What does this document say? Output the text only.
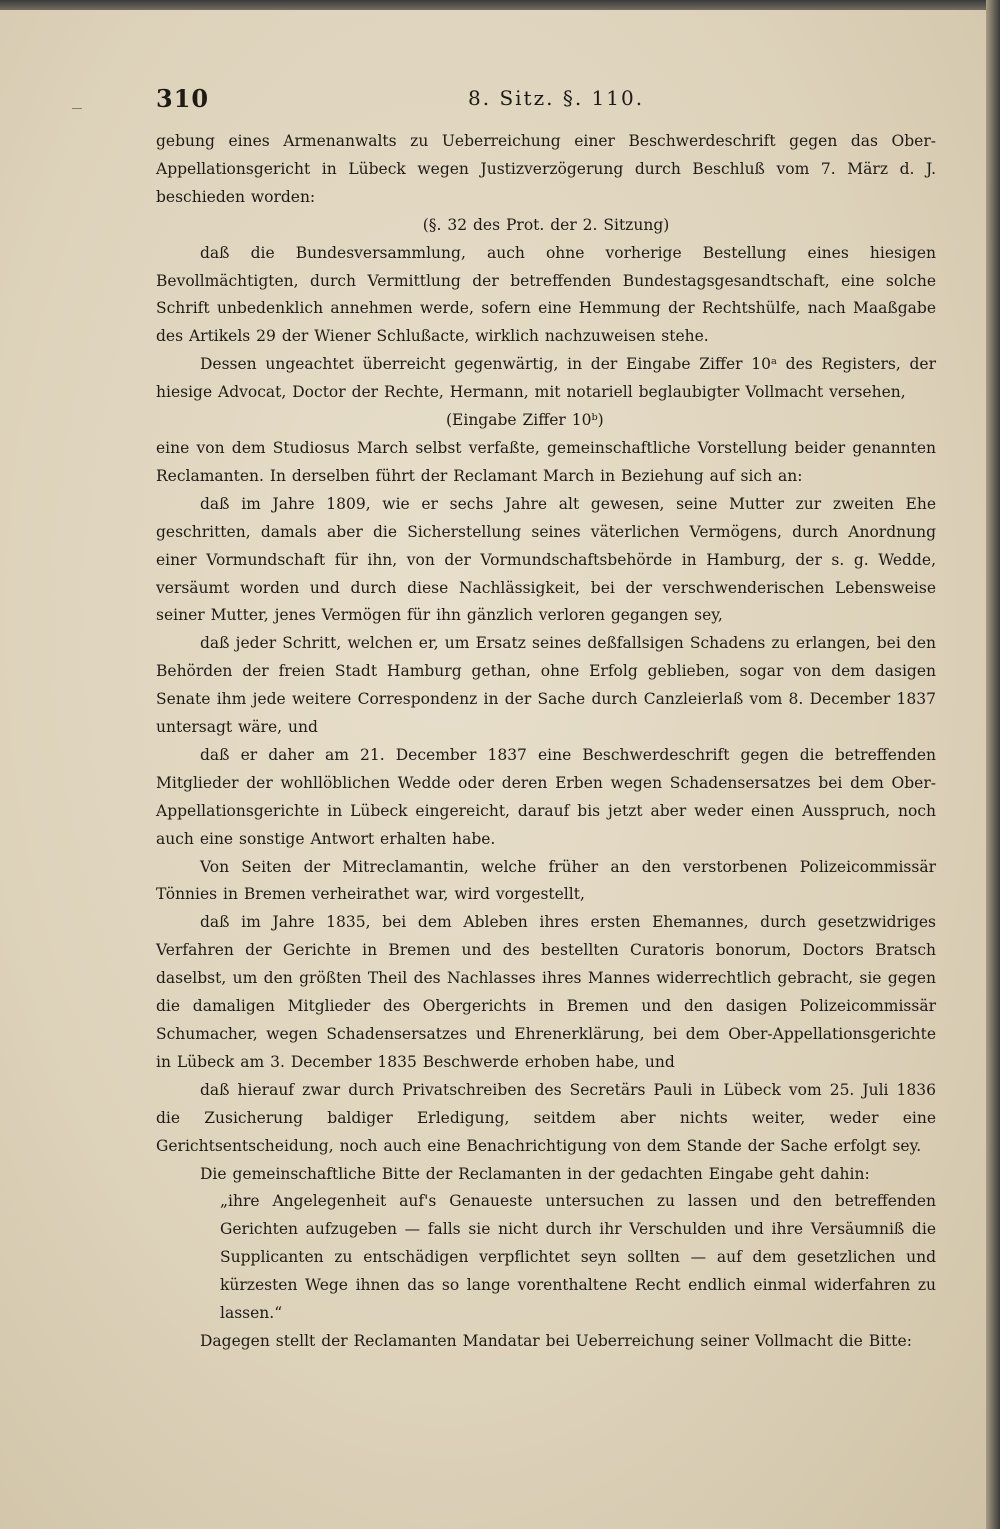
310	8. Sitz. §. 110.

gebung eines Armenanwalts zu Ueberreichung einer Beschwerdeschrift gegen das Ober-Appellationsgericht in Lübeck wegen Justizverzögerung durch Beschluß vom 7. März d. J. beschieden worden:

(§. 32 des Prot. der 2. Sitzung)

daß die Bundesversammlung, auch ohne vorherige Bestellung eines hiesigen Bevollmächtigten, durch Vermittlung der betreffenden Bundestagsgesandtschaft, eine solche Schrift unbedenklich annehmen werde, sofern eine Hemmung der Rechtshülfe, nach Maaßgabe des Artikels 29 der Wiener Schlußacte, wirklich nachzuweisen stehe.

Dessen ungeachtet überreicht gegenwärtig, in der Eingabe Ziffer 10ᵃ des Registers, der hiesige Advocat, Doctor der Rechte, Hermann, mit notariell beglaubigter Vollmacht versehen,

(Eingabe Ziffer 10ᵇ)

eine von dem Studiosus March selbst verfaßte, gemeinschaftliche Vorstellung beider genannten Reclamanten. In derselben führt der Reclamant March in Beziehung auf sich an:

daß im Jahre 1809, wie er sechs Jahre alt gewesen, seine Mutter zur zweiten Ehe geschritten, damals aber die Sicherstellung seines väterlichen Vermögens, durch Anordnung einer Vormundschaft für ihn, von der Vormundschaftsbehörde in Hamburg, der s. g. Wedde, versäumt worden und durch diese Nachlässigkeit, bei der verschwenderischen Lebensweise seiner Mutter, jenes Vermögen für ihn gänzlich verloren gegangen sey,

daß jeder Schritt, welchen er, um Ersatz seines deßfallsigen Schadens zu erlangen, bei den Behörden der freien Stadt Hamburg gethan, ohne Erfolg geblieben, sogar von dem dasigen Senate ihm jede weitere Correspondenz in der Sache durch Canzleierlaß vom 8. December 1837 untersagt wäre, und

daß er daher am 21. December 1837 eine Beschwerdeschrift gegen die betreffenden Mitglieder der wohllöblichen Wedde oder deren Erben wegen Schadensersatzes bei dem Ober-Appellationsgerichte in Lübeck eingereicht, darauf bis jetzt aber weder einen Ausspruch, noch auch eine sonstige Antwort erhalten habe.

Von Seiten der Mitreclamantin, welche früher an den verstorbenen Polizeicommissär Tönnies in Bremen verheirathet war, wird vorgestellt,

daß im Jahre 1835, bei dem Ableben ihres ersten Ehemannes, durch gesetzwidriges Verfahren der Gerichte in Bremen und des bestellten Curatoris bonorum, Doctors Bratsch daselbst, um den größten Theil des Nachlasses ihres Mannes widerrechtlich gebracht, sie gegen die damaligen Mitglieder des Obergerichts in Bremen und den dasigen Polizeicommissär Schumacher, wegen Schadensersatzes und Ehrenerklärung, bei dem Ober-Appellationsgerichte in Lübeck am 3. December 1835 Beschwerde erhoben habe, und

daß hierauf zwar durch Privatschreiben des Secretärs Pauli in Lübeck vom 25. Juli 1836 die Zusicherung baldiger Erledigung, seitdem aber nichts weiter, weder eine Gerichtsentscheidung, noch auch eine Benachrichtigung von dem Stande der Sache erfolgt sey.

Die gemeinschaftliche Bitte der Reclamanten in der gedachten Eingabe geht dahin:

„ihre Angelegenheit auf's Genaueste untersuchen zu lassen und den betreffenden Gerichten aufzugeben — falls sie nicht durch ihr Verschulden und ihre Versäumniß die Supplicanten zu entschädigen verpflichtet seyn sollten — auf dem gesetzlichen und kürzesten Wege ihnen das so lange vorenthaltene Recht endlich einmal widerfahren zu lassen.“

Dagegen stellt der Reclamanten Mandatar bei Ueberreichung seiner Vollmacht die Bitte:
